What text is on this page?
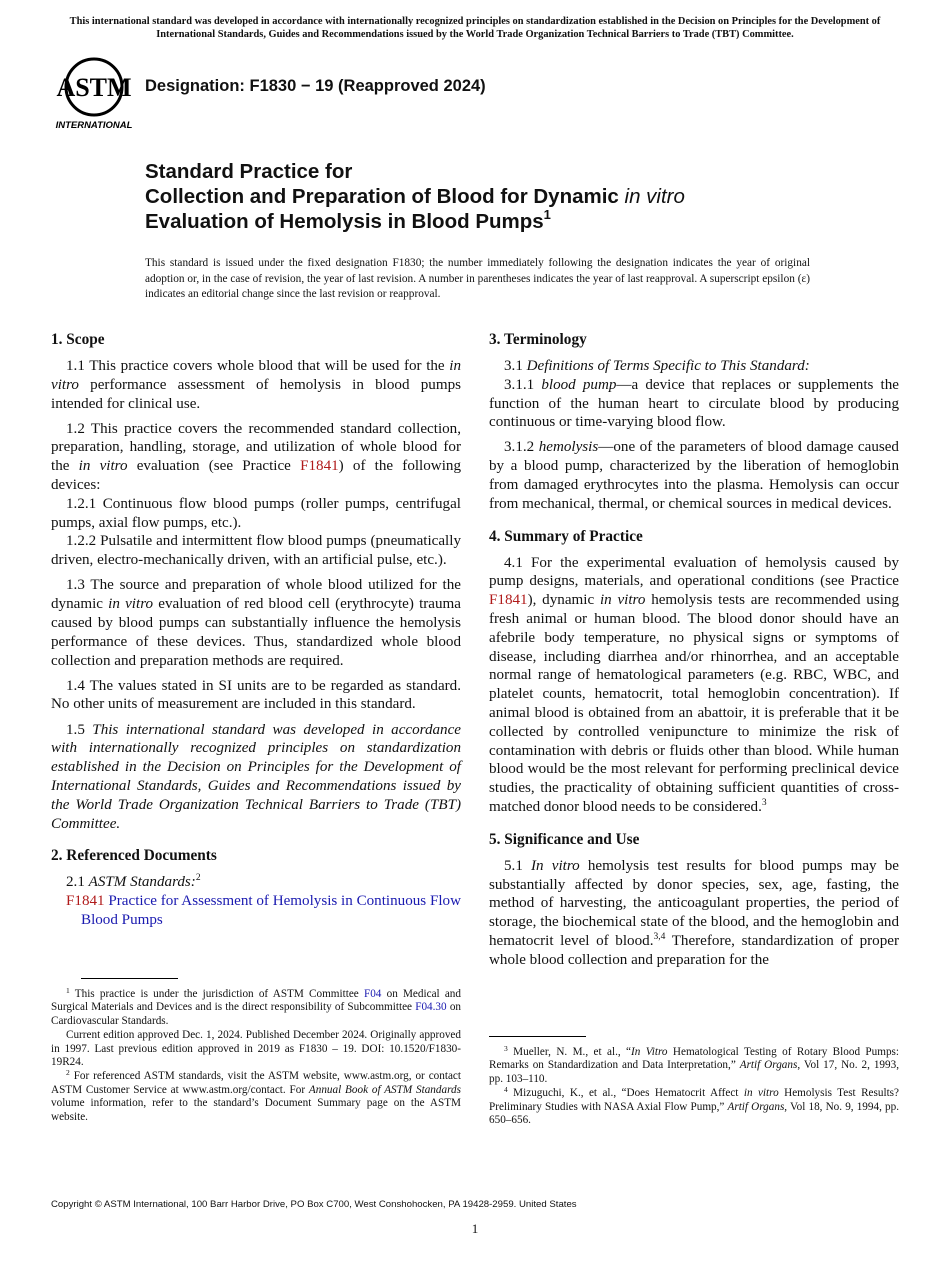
This international standard was developed in accordance with internationally recognized principles on standardization established in the Decision on Principles for the Development of International Standards, Guides and Recommendations issued by the World Trade Organization Technical Barriers to Trade (TBT) Committee.
ASTM
INTERNATIONAL
Designation: F1830 − 19 (Reapproved 2024)
Standard Practice for
Collection and Preparation of Blood for Dynamic in vitro
Evaluation of Hemolysis in Blood Pumps$^1$
This standard is issued under the fixed designation F1830; the number immediately following the designation indicates the year of original adoption or, in the case of revision, the year of last revision. A number in parentheses indicates the year of last reapproval. A superscript epsilon (ε) indicates an editorial change since the last revision or reapproval.
1. Scope

1.1 This practice covers whole blood that will be used for the in vitro performance assessment of hemolysis in blood pumps intended for clinical use.

1.2 This practice covers the recommended standard collection, preparation, handling, storage, and utilization of whole blood for the in vitro evaluation (see Practice F1841) of the following devices:

1.2.1 Continuous flow blood pumps (roller pumps, centrifugal pumps, axial flow pumps, etc.).

1.2.2 Pulsatile and intermittent flow blood pumps (pneumatically driven, electro-mechanically driven, with an artificial pulse, etc.).

1.3 The source and preparation of whole blood utilized for the dynamic in vitro evaluation of red blood cell (erythrocyte) trauma caused by blood pumps can substantially influence the hemolysis performance of these devices. Thus, standardized whole blood collection and preparation methods are required.

1.4 The values stated in SI units are to be regarded as standard. No other units of measurement are included in this standard.

1.5 This international standard was developed in accordance with internationally recognized principles on standardization established in the Decision on Principles for the Development of International Standards, Guides and Recommendations issued by the World Trade Organization Technical Barriers to Trade (TBT) Committee.

2. Referenced Documents

2.1 ASTM Standards:$^2$

F1841 Practice for Assessment of Hemolysis in Continuous Flow Blood Pumps

$^1$ This practice is under the jurisdiction of ASTM Committee F04 on Medical and Surgical Materials and Devices and is the direct responsibility of Subcommittee F04.30 on Cardiovascular Standards.

Current edition approved Dec. 1, 2024. Published December 2024. Originally approved in 1997. Last previous edition approved in 2019 as F1830 – 19. DOI: 10.1520/F1830-19R24.

$^2$ For referenced ASTM standards, visit the ASTM website, www.astm.org, or contact ASTM Customer Service at www.astm.org/contact. For Annual Book of ASTM Standards volume information, refer to the standard’s Document Summary page on the ASTM website.

3. Terminology

3.1 Definitions of Terms Specific to This Standard:

3.1.1 blood pump—a device that replaces or supplements the function of the human heart to circulate blood by producing continuous or time-varying blood flow.

3.1.2 hemolysis—one of the parameters of blood damage caused by a blood pump, characterized by the liberation of hemoglobin from damaged erythrocytes into the plasma. Hemolysis can occur from mechanical, thermal, or chemical sources in medical devices.

4. Summary of Practice

4.1 For the experimental evaluation of hemolysis caused by pump designs, materials, and operational conditions (see Practice F1841), dynamic in vitro hemolysis tests are recommended using fresh animal or human blood. The blood donor should have an afebrile body temperature, no physical signs or symptoms of disease, including diarrhea and/or rhinorrhea, and an acceptable normal range of hematological parameters (e.g. RBC, WBC, and platelet counts, hematocrit, total hemoglobin concentration). If animal blood is obtained from an abattoir, it is preferable that it be collected by controlled venipuncture to minimize the risk of contamination with debris or fluids other than blood. While human blood would be the most relevant for performing preclinical device studies, the practicality of obtaining sufficient quantities of cross-matched donor blood needs to be considered.$^3$

5. Significance and Use

5.1 In vitro hemolysis test results for blood pumps may be substantially affected by donor species, sex, age, fasting, the method of harvesting, the anticoagulant properties, the period of storage, the biochemical state of the blood, and the hemoglobin and hematocrit level of blood.$^{3,4}$ Therefore, standardization of proper whole blood collection and preparation for the

$^3$ Mueller, N. M., et al., “In Vitro Hematological Testing of Rotary Blood Pumps: Remarks on Standardization and Data Interpretation,” Artif Organs, Vol 17, No. 2, 1993, pp. 103–110.

$^4$ Mizuguchi, K., et al., “Does Hematocrit Affect in vitro Hemolysis Test Results? Preliminary Studies with NASA Axial Flow Pump,” Artif Organs, Vol 18, No. 9, 1994, pp. 650–656.

Copyright © ASTM International, 100 Barr Harbor Drive, PO Box C700, West Conshohocken, PA 19428-2959. United States
1
